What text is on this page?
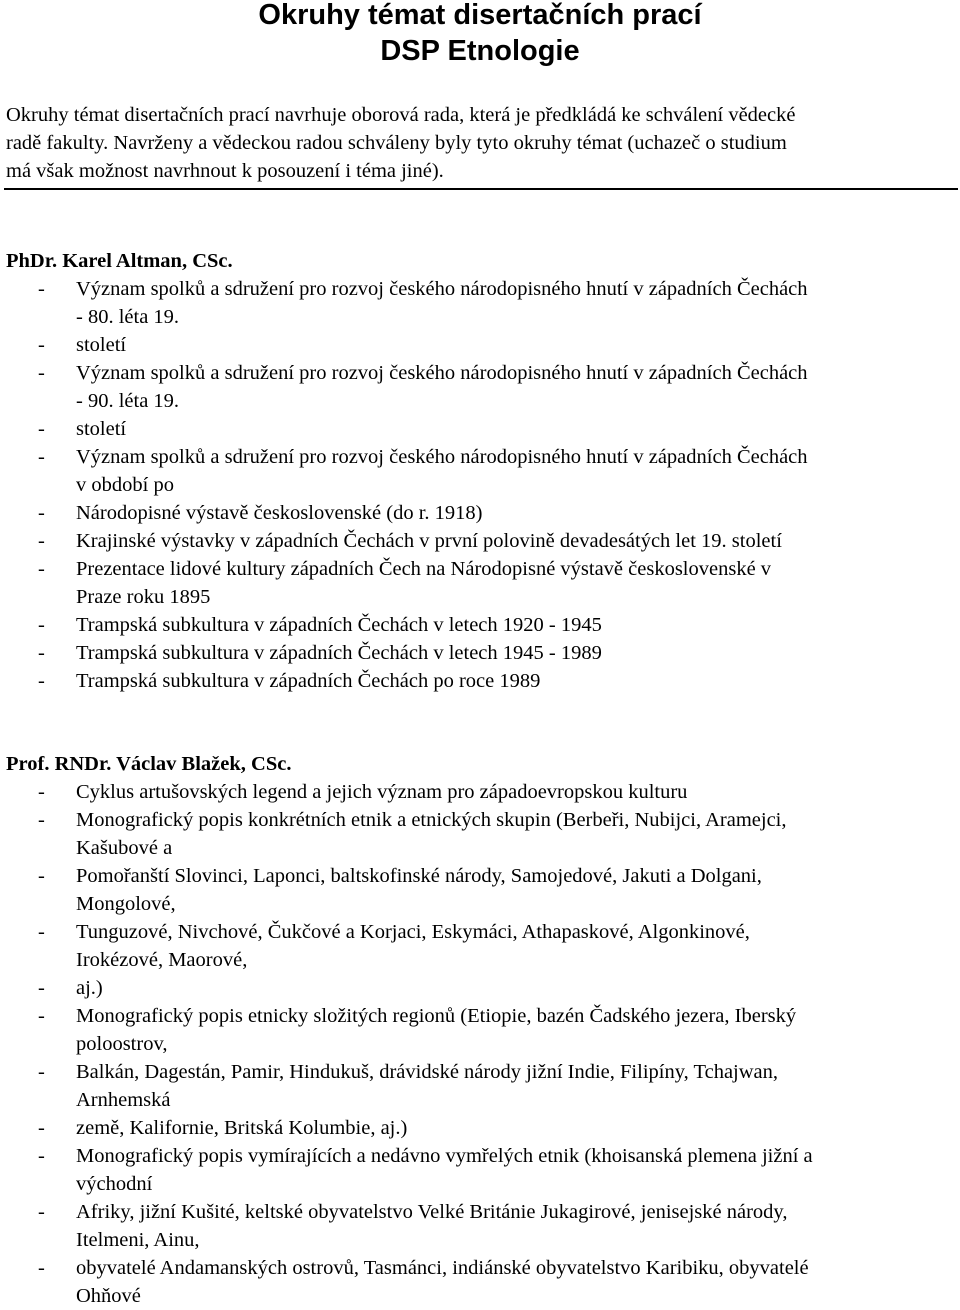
Okruhy témat disertačních prací
DSP Etnologie
Okruhy témat disertačních prací navrhuje oborová rada, která je předkládá ke schválení vědecké
radě fakulty. Navrženy a vědeckou radou schváleny byly tyto okruhy témat (uchazeč o studium
má však možnost navrhnout k posouzení i téma jiné).
PhDr. Karel Altman, CSc.
- Význam spolků a sdružení pro rozvoj českého národopisného hnutí v západních Čechách
- 80. léta 19.
- století
- Význam spolků a sdružení pro rozvoj českého národopisného hnutí v západních Čechách
- 90. léta 19.
- století
- Význam spolků a sdružení pro rozvoj českého národopisného hnutí v západních Čechách
v období po
- Národopisné výstavě československé (do r. 1918)
- Krajinské výstavky v západních Čechách v první polovině devadesátých let 19. století
- Prezentace lidové kultury západních Čech na Národopisné výstavě československé v
Praze roku 1895
- Trampská subkultura v západních Čechách v letech 1920 - 1945
- Trampská subkultura v západních Čechách v letech 1945 - 1989
- Trampská subkultura v západních Čechách po roce 1989
Prof. RNDr. Václav Blažek, CSc.
- Cyklus artušovských legend a jejich význam pro západoevropskou kulturu
- Monografický popis konkrétních etnik a etnických skupin (Berbeři, Nubijci, Aramejci,
Kašubové a
- Pomořanští Slovinci, Laponci, baltskofinské národy, Samojedové, Jakuti a Dolgani,
Mongolové,
- Tunguzové, Nivchové, Čukčové a Korjaci, Eskymáci, Athapaskové, Algonkinové,
Irokézové, Maorové,
- aj.)
- Monografický popis etnicky složitých regionů (Etiopie, bazén Čadského jezera, Iberský
poloostrov,
- Balkán, Dagestán, Pamir, Hindukuš, drávidské národy jižní Indie, Filipíny, Tchajwan,
Arnhemská
- země, Kalifornie, Britská Kolumbie, aj.)
- Monografický popis vymírajících a nedávno vymřelých etnik (khoisanská plemena jižní a
východní
- Afriky, jižní Kušité, keltské obyvatelstvo Velké Británie Jukagirové, jenisejské národy,
Itelmeni, Ainu,
- obyvatelé Andamanských ostrovů, Tasmánci, indiánské obyvatelstvo Karibiku, obyvatelé
Ohňové
